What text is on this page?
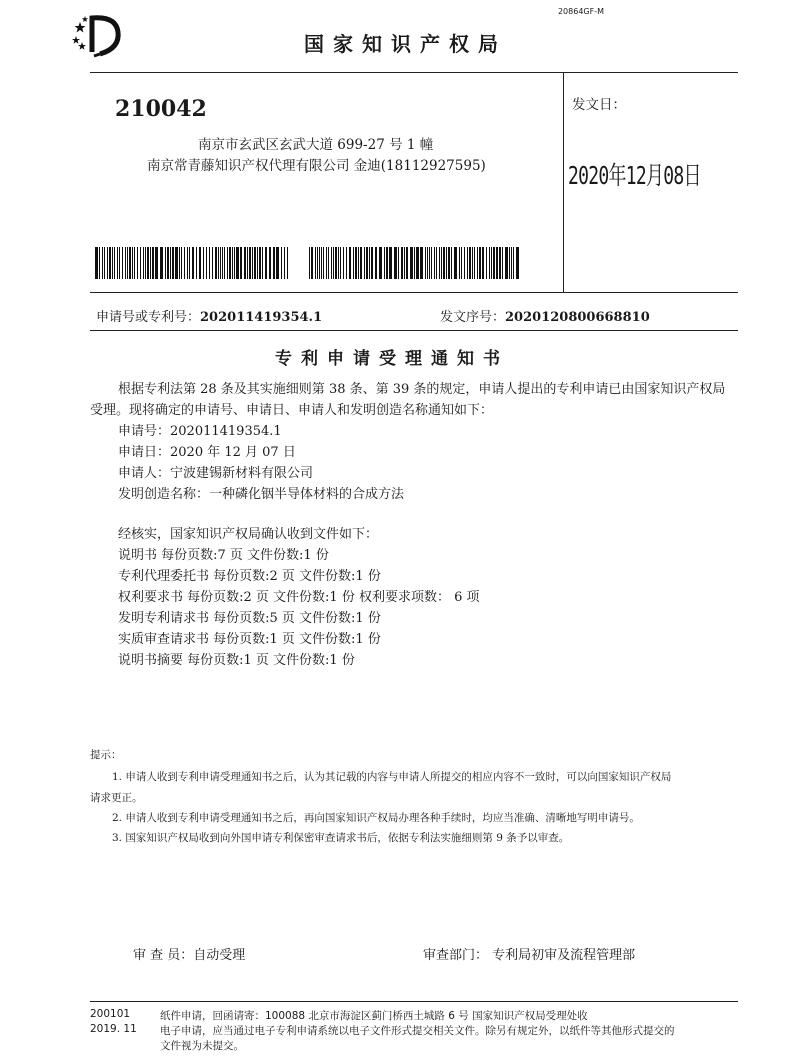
20864GF-M
国家知识产权局
210042
南京市玄武区玄武大道 699-27 号 1 幢
南京常青藤知识产权代理有限公司 金迪(18112927595)
发文日：
2020年12月08日
申请号或专利号：202011419354.1	发文序号：2020120800668810
专利申请受理通知书
根据专利法第 28 条及其实施细则第 38 条、第 39 条的规定，申请人提出的专利申请已由国家知识产权局
受理。现将确定的申请号、申请日、申请人和发明创造名称通知如下：
申请号：202011419354.1
申请日：2020 年 12 月 07 日
申请人：宁波建锡新材料有限公司
发明创造名称：一种磷化铟半导体材料的合成方法
经核实，国家知识产权局确认收到文件如下：
说明书 每份页数:7 页 文件份数:1 份
专利代理委托书 每份页数:2 页 文件份数:1 份
权利要求书 每份页数:2 页 文件份数:1 份 权利要求项数： 6 项
发明专利请求书 每份页数:5 页 文件份数:1 份
实质审查请求书 每份页数:1 页 文件份数:1 份
说明书摘要 每份页数:1 页 文件份数:1 份
提示：
1. 申请人收到专利申请受理通知书之后，认为其记载的内容与申请人所提交的相应内容不一致时，可以向国家知识产权局
请求更正。
2. 申请人收到专利申请受理通知书之后，再向国家知识产权局办理各种手续时，均应当准确、清晰地写明申请号。
3. 国家知识产权局收到向外国申请专利保密审查请求书后，依据专利法实施细则第 9 条予以审查。
审 查 员：自动受理	审查部门： 专利局初审及流程管理部
200101
2019. 11
纸件申请，回函请寄：100088 北京市海淀区蓟门桥西土城路 6 号 国家知识产权局受理处收
电子申请，应当通过电子专利申请系统以电子文件形式提交相关文件。除另有规定外，以纸件等其他形式提交的
文件视为未提交。
